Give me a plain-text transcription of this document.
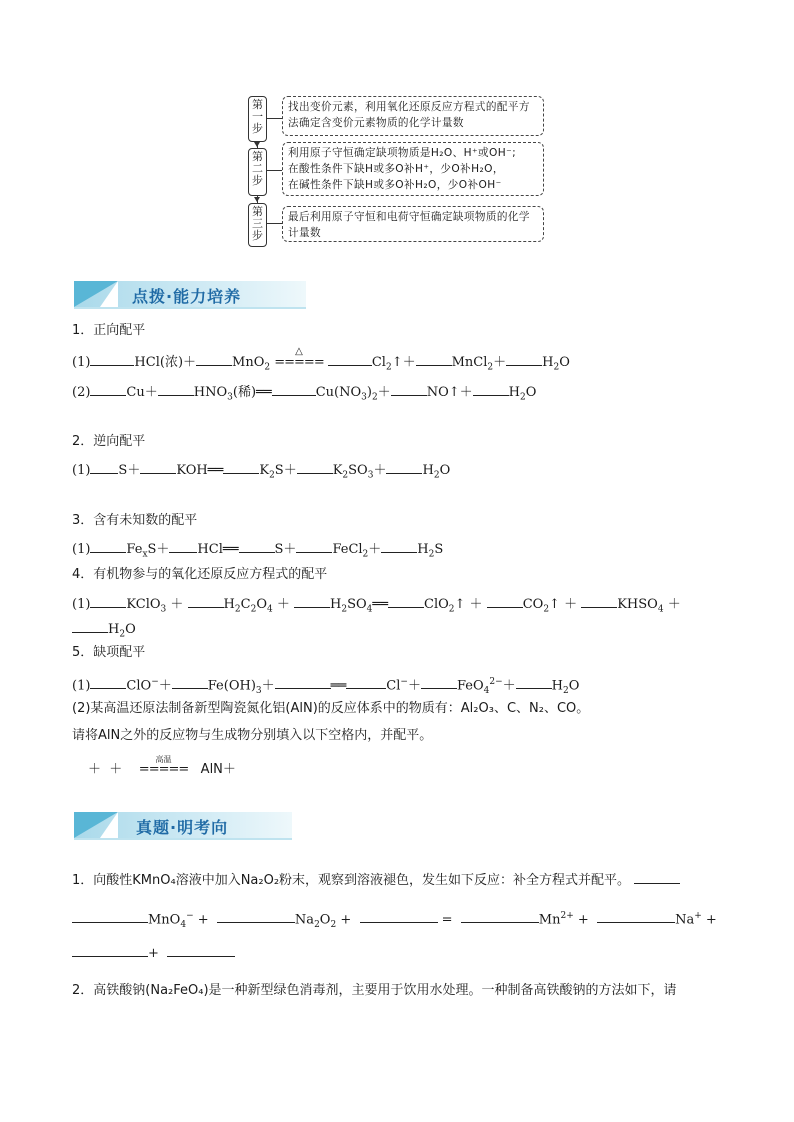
第
一
步
找出变价元素，利用氧化还原反应方程式的配平方法确定含变价元素物质的化学计量数
第
二
步
利用原子守恒确定缺项物质是H₂O、H⁺或OH⁻;
在酸性条件下缺H或多O补H⁺，少O补H₂O，
在碱性条件下缺H或多O补H₂O，少O补OH⁻
第
三
步
最后利用原子守恒和电荷守恒确定缺项物质的化学计量数
点拨·能力培养
1．正向配平
(1)	HCl(浓)＋	MnO$_2$
△
=====	$Cl_2↑+$	MnCl$_2$＋	$H_2O$
(2)	Cu＋	$HNO_3$(稀)══	$Cu(NO_3)_2+$	NO↑＋	$H_2O$
2．逆向配平
(1) S＋	KOH══	$K_2S+$	$K_2SO_3+$	$H_2O$
3．含有未知数的配平
(1)	$Fe_xS+$ HCl══	S＋	FeCl$_2$＋	$H_2S$
4．有机物参与的氧化还原反应方程式的配平
(1)	KClO$_3$ ＋	$H_2C_2O_4$ ＋	$H_2SO_4══$	ClO$_2$↑ ＋	$CO_2↑$ ＋	$KHSO_4$ ＋
$H_2O$
5．缺项配平
(1)	ClO−＋	$Fe(OH)_3+$	══	Cl−＋	FeO$_4^{2-}$＋	$H_2O$
(2)某高温还原法制备新型陶瓷氮化铝(AlN)的反应体系中的物质有：Al₂O₃、C、N₂、CO。
请将AlN之外的反应物与生成物分别填入以下空格内，并配平。
＋  ＋
高温
===== AlN＋
真题·明考向
1．向酸性KMnO₄溶液中加入Na₂O₂粉末，观察到溶液褪色，发生如下反应：补全方程式并配平。
MnO$_4$− +	$Na_2O_2$ +	=	$Mn^{2+}$ +	Na+ +
+
2．高铁酸钠(Na₂FeO₄)是一种新型绿色消毒剂，主要用于饮用水处理。一种制备高铁酸钠的方法如下，请
